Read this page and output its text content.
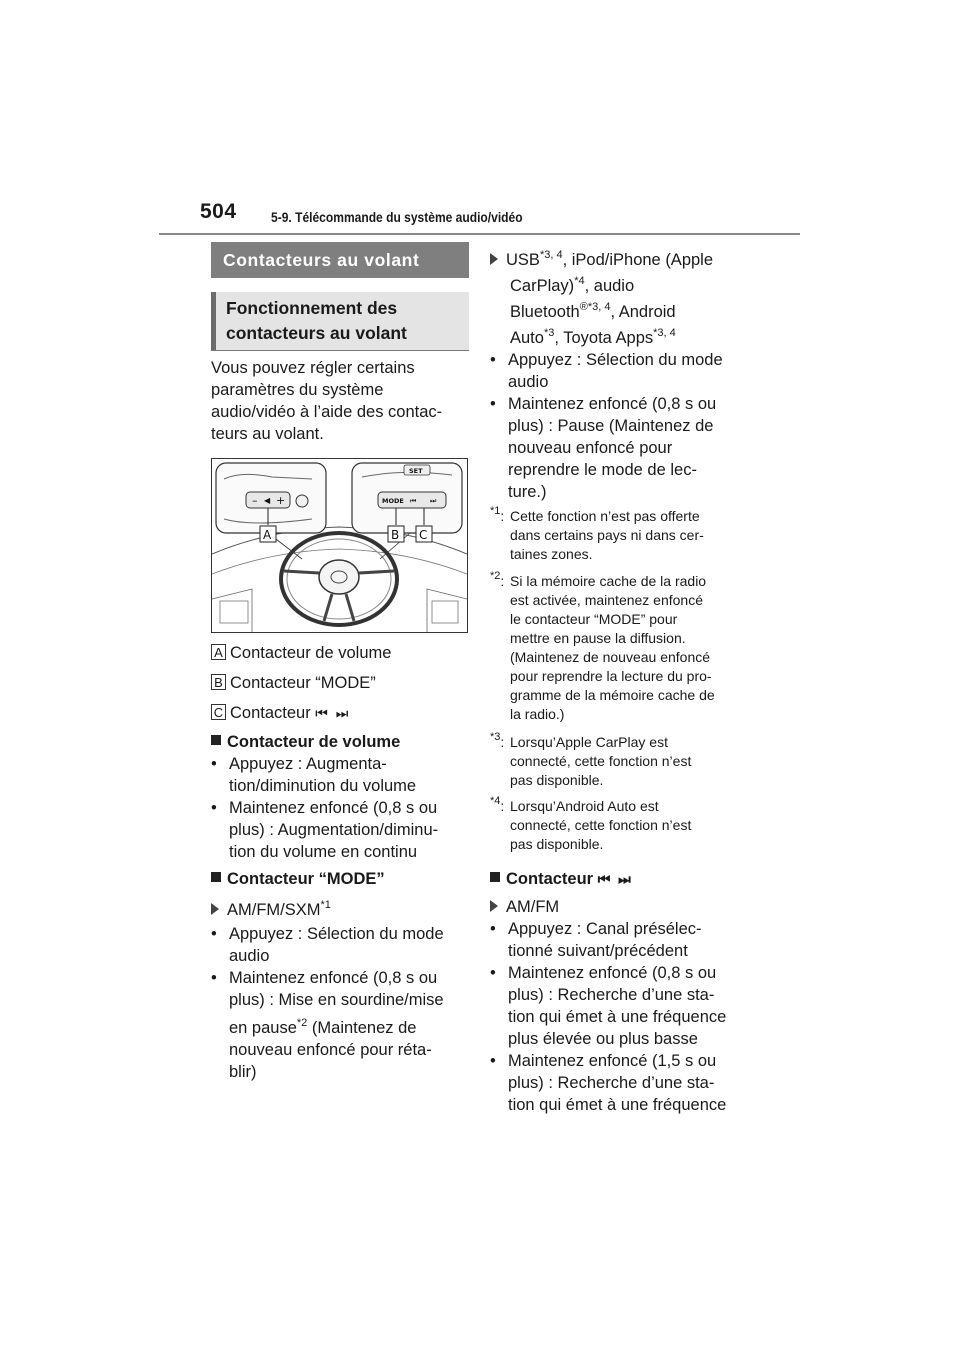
504 5-9. Télécommande du système audio/vidéo
Contacteurs au volant
Fonctionnement des
contacteurs au volant
Vous pouvez régler certains
paramètres du système
audio/vidéo à l’aide des contac-
teurs au volant.
– ◀ +
SET
MODE ⏮ ⏭
A	B C
A Contacteur de volume
B Contacteur “MODE”
C Contacteur ⏮ ⏭
Contacteur de volume
• Appuyez : Augmenta-
tion/diminution du volume
• Maintenez enfoncé (0,8 s ou
plus) : Augmentation/diminu-
tion du volume en continu
Contacteur “MODE”
AM/FM/SXM$^{*1}$
• Appuyez : Sélection du mode
audio
• Maintenez enfoncé (0,8 s ou
plus) : Mise en sourdine/mise
en pause$^{*2}$ (Maintenez de
nouveau enfoncé pour réta-
blir)
USB$^{*3, 4}$, iPod/iPhone (Apple
CarPlay)$^{*4}$, audio
Bluetooth$^{®*3, 4}$, Android
Auto$^{*3}$, Toyota Apps$^{*3, 4}$
• Appuyez : Sélection du mode
audio
• Maintenez enfoncé (0,8 s ou
plus) : Pause (Maintenez de
nouveau enfoncé pour
reprendre le mode de lec-
ture.)
$^{*1}$: Cette fonction n’est pas offerte
dans certains pays ni dans cer-
taines zones.
$^{*2}$: Si la mémoire cache de la radio
est activée, maintenez enfoncé
le contacteur “MODE” pour
mettre en pause la diffusion.
(Maintenez de nouveau enfoncé
pour reprendre la lecture du pro-
gramme de la mémoire cache de
la radio.)
$^{*3}$: Lorsqu’Apple CarPlay est
connecté, cette fonction n’est
pas disponible.
$^{*4}$: Lorsqu’Android Auto est
connecté, cette fonction n’est
pas disponible.
Contacteur ⏮ ⏭
AM/FM
• Appuyez : Canal présélec-
tionné suivant/précédent
• Maintenez enfoncé (0,8 s ou
plus) : Recherche d’une sta-
tion qui émet à une fréquence
plus élevée ou plus basse
• Maintenez enfoncé (1,5 s ou
plus) : Recherche d’une sta-
tion qui émet à une fréquence
